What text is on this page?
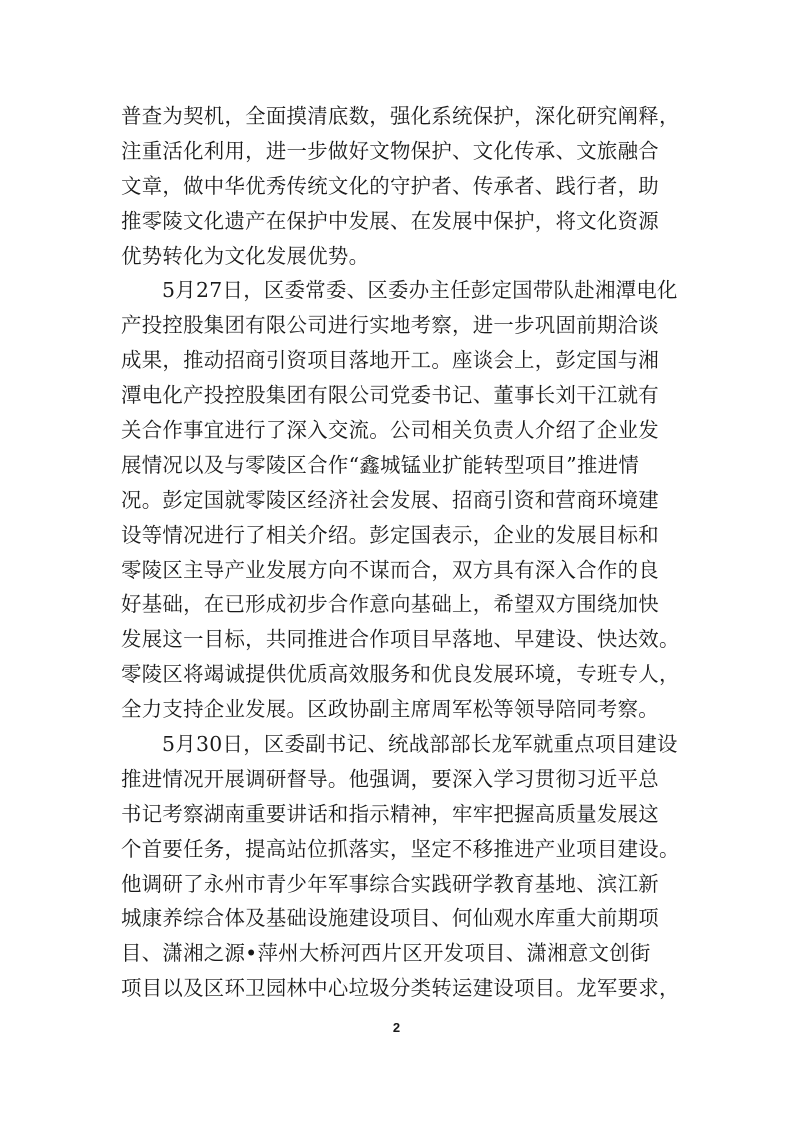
普查为契机，全面摸清底数，强化系统保护，深化研究阐释，
注重活化利用，进一步做好文物保护、文化传承、文旅融合
文章，做中华优秀传统文化的守护者、传承者、践行者，助
推零陵文化遗产在保护中发展、在发展中保护，将文化资源
优势转化为文化发展优势。
5月27日，区委常委、区委办主任彭定国带队赴湘潭电化
产投控股集团有限公司进行实地考察，进一步巩固前期洽谈
成果，推动招商引资项目落地开工。座谈会上，彭定国与湘
潭电化产投控股集团有限公司党委书记、董事长刘干江就有
关合作事宜进行了深入交流。公司相关负责人介绍了企业发
展情况以及与零陵区合作“鑫城锰业扩能转型项目”推进情
况。彭定国就零陵区经济社会发展、招商引资和营商环境建
设等情况进行了相关介绍。彭定国表示，企业的发展目标和
零陵区主导产业发展方向不谋而合，双方具有深入合作的良
好基础，在已形成初步合作意向基础上，希望双方围绕加快
发展这一目标，共同推进合作项目早落地、早建设、快达效。
零陵区将竭诚提供优质高效服务和优良发展环境，专班专人，
全力支持企业发展。区政协副主席周军松等领导陪同考察。
5月30日，区委副书记、统战部部长龙军就重点项目建设
推进情况开展调研督导。他强调，要深入学习贯彻习近平总
书记考察湖南重要讲话和指示精神，牢牢把握高质量发展这
个首要任务，提高站位抓落实，坚定不移推进产业项目建设。
他调研了永州市青少年军事综合实践研学教育基地、滨江新
城康养综合体及基础设施建设项目、何仙观水库重大前期项
目、潇湘之源•萍州大桥河西片区开发项目、潇湘意文创街
项目以及区环卫园林中心垃圾分类转运建设项目。龙军要求，
2
